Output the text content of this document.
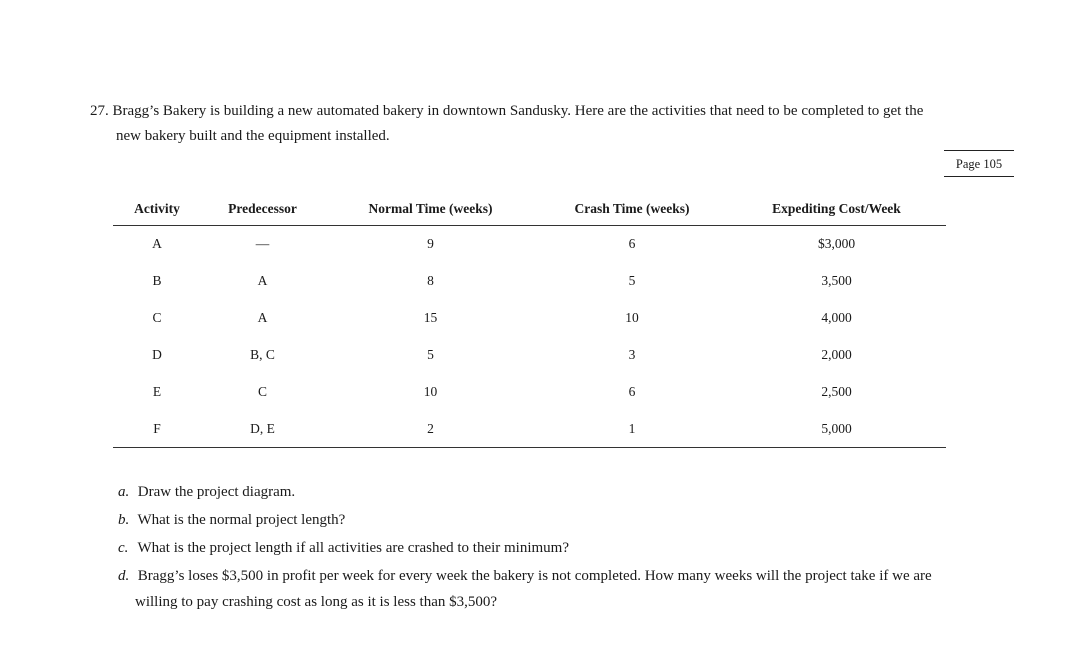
27. Bragg’s Bakery is building a new automated bakery in downtown Sandusky. Here are the activities that need to be completed to get the
new bakery built and the equipment installed.
Page 105
Activity	Predecessor	Normal Time (weeks)	Crash Time (weeks)	Expediting Cost/Week
A	—	9	6	$3,000
B	A	8	5	3,500
C	A	15	10	4,000
D	B, C	5	3	2,000
E	C	10	6	2,500
F	D, E	2	1	5,000
a. Draw the project diagram.
b. What is the normal project length?
c. What is the project length if all activities are crashed to their minimum?
d. Bragg’s loses $3,500 in profit per week for every week the bakery is not completed. How many weeks will the project take if we are
willing to pay crashing cost as long as it is less than $3,500?
